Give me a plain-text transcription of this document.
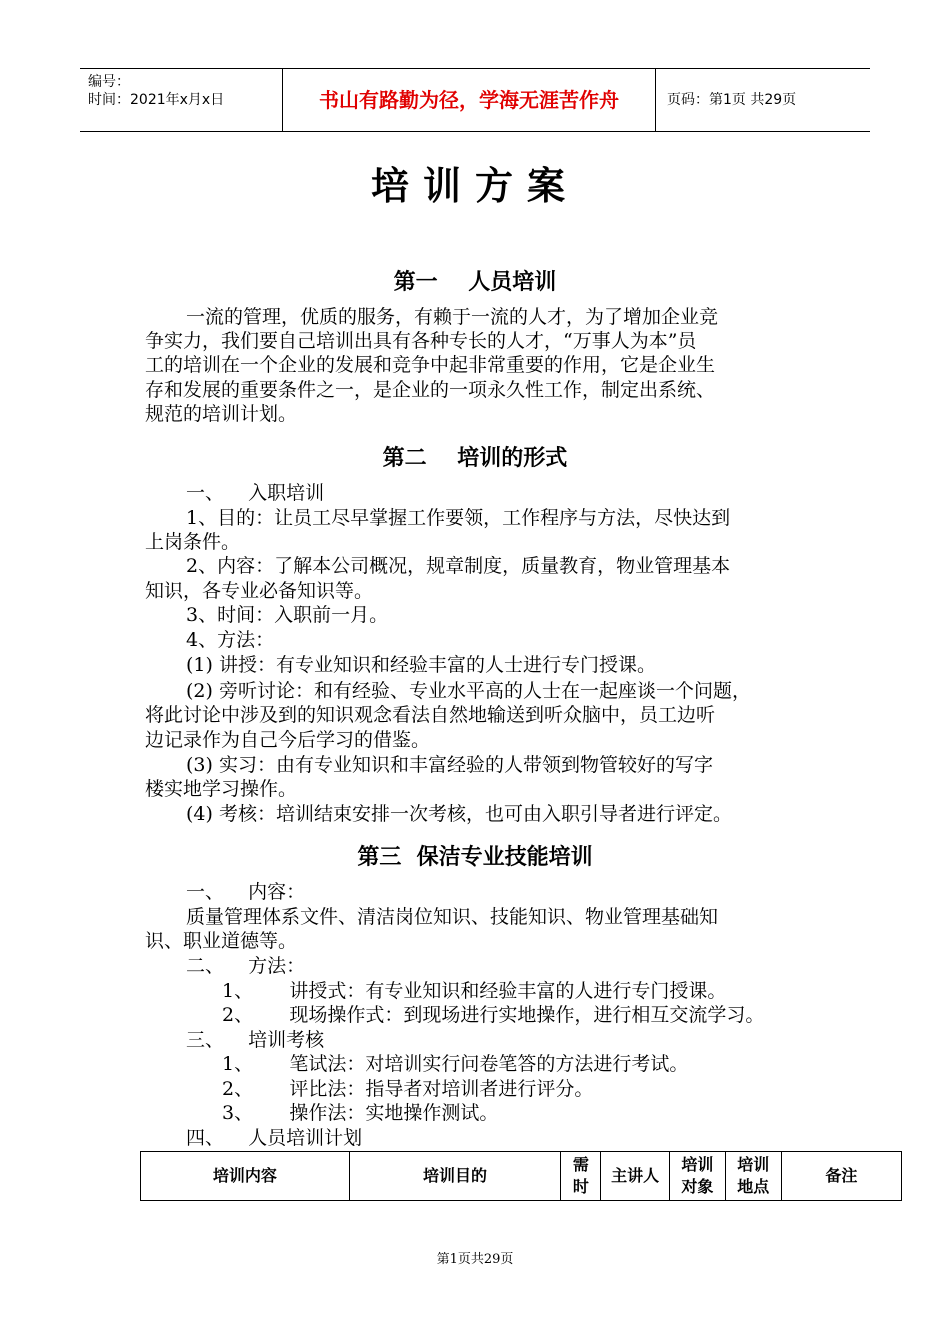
编号：
时间：2021年x月x日	书山有路勤为径，学海无涯苦作舟	页码：第1页 共29页
培训方案
第一    人员培训
一流的管理，优质的服务，有赖于一流的人才，为了增加企业竞
争实力，我们要自己培训出具有各种专长的人才，“万事人为本”员
工的培训在一个企业的发展和竞争中起非常重要的作用，它是企业生
存和发展的重要条件之一，是企业的一项永久性工作，制定出系统、
规范的培训计划。
第二    培训的形式
一、    入职培训
1、目的：让员工尽早掌握工作要领，工作程序与方法，尽快达到
上岗条件。
2、内容：了解本公司概况，规章制度，质量教育，物业管理基本
知识，各专业必备知识等。
3、时间：入职前一月。
4、方法：
(1) 讲授：有专业知识和经验丰富的人士进行专门授课。
(2) 旁听讨论：和有经验、专业水平高的人士在一起座谈一个问题，
将此讨论中涉及到的知识观念看法自然地输送到听众脑中，员工边听
边记录作为自己今后学习的借鉴。
(3) 实习：由有专业知识和丰富经验的人带领到物管较好的写字
楼实地学习操作。
(4) 考核：培训结束安排一次考核，也可由入职引导者进行评定。
第三  保洁专业技能培训
一、    内容：
质量管理体系文件、清洁岗位知识、技能知识、物业管理基础知
识、职业道德等。
二、    方法：
1、      讲授式：有专业知识和经验丰富的人进行专门授课。
2、      现场操作式：到现场进行实地操作，进行相互交流学习。
三、    培训考核
1、      笔试法：对培训实行问卷笔答的方法进行考试。
2、      评比法：指导者对培训者进行评分。
3、      操作法：实地操作测试。
四、    人员培训计划
培训内容	培训目的	需时	主讲人	培训对象	培训地点	备注
第1页共29页
